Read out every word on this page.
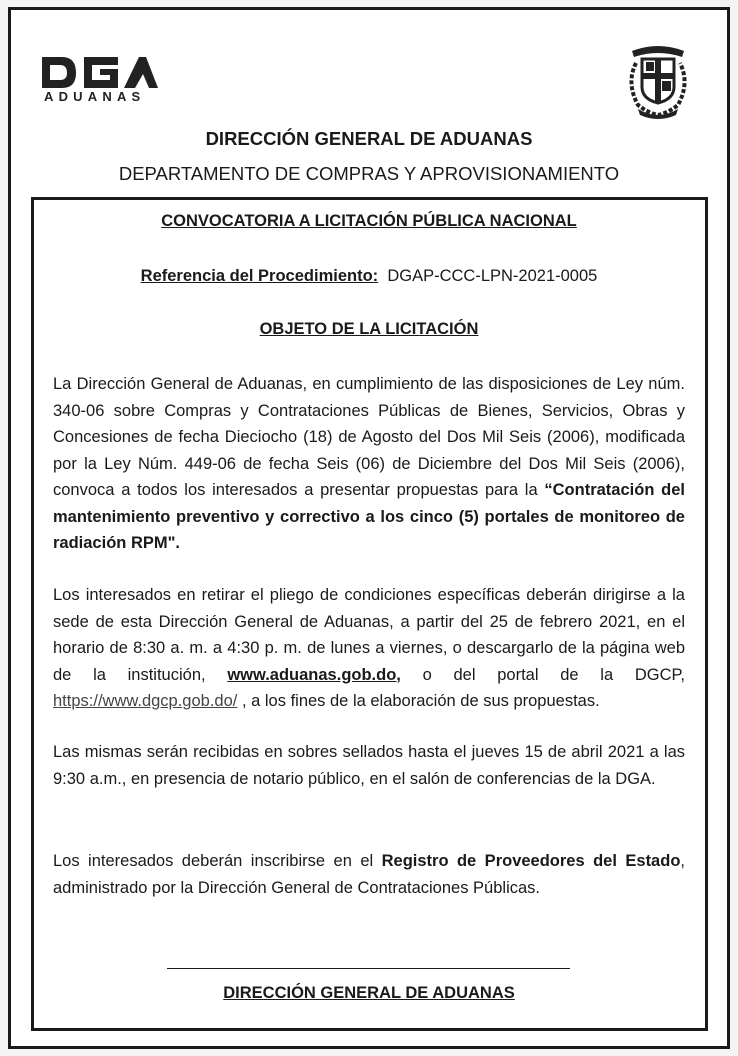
ADUANAS
DIRECCIÓN GENERAL DE ADUANAS
DEPARTAMENTO DE COMPRAS Y APROVISIONAMIENTO
CONVOCATORIA A LICITACIÓN PÚBLICA NACIONAL
Referencia del Procedimiento: DGAP-CCC-LPN-2021-0005
OBJETO DE LA LICITACIÓN
La Dirección General de Aduanas, en cumplimiento de las disposiciones de Ley núm. 340-06 sobre Compras y Contrataciones Públicas de Bienes, Servicios, Obras y Concesiones de fecha Dieciocho (18) de Agosto del Dos Mil Seis (2006), modificada por la Ley Núm. 449-06 de fecha Seis (06) de Diciembre del Dos Mil Seis (2006), convoca a todos los interesados a presentar propuestas para la “Contratación del mantenimiento preventivo y correctivo a los cinco (5) portales de monitoreo de radiación RPM".
Los interesados en retirar el pliego de condiciones específicas deberán dirigirse a la sede de esta Dirección General de Aduanas, a partir del 25 de febrero 2021, en el horario de 8:30 a. m. a 4:30 p. m. de lunes a viernes, o descargarlo de la página web de la institución, www.aduanas.gob.do, o del portal de la DGCP, https://www.dgcp.gob.do/ , a los fines de la elaboración de sus propuestas.
Las mismas serán recibidas en sobres sellados hasta el jueves 15 de abril 2021 a las 9:30 a.m., en presencia de notario público, en el salón de conferencias de la DGA.
Los interesados deberán inscribirse en el Registro de Proveedores del Estado, administrado por la Dirección General de Contrataciones Públicas.
DIRECCIÓN GENERAL DE ADUANAS
